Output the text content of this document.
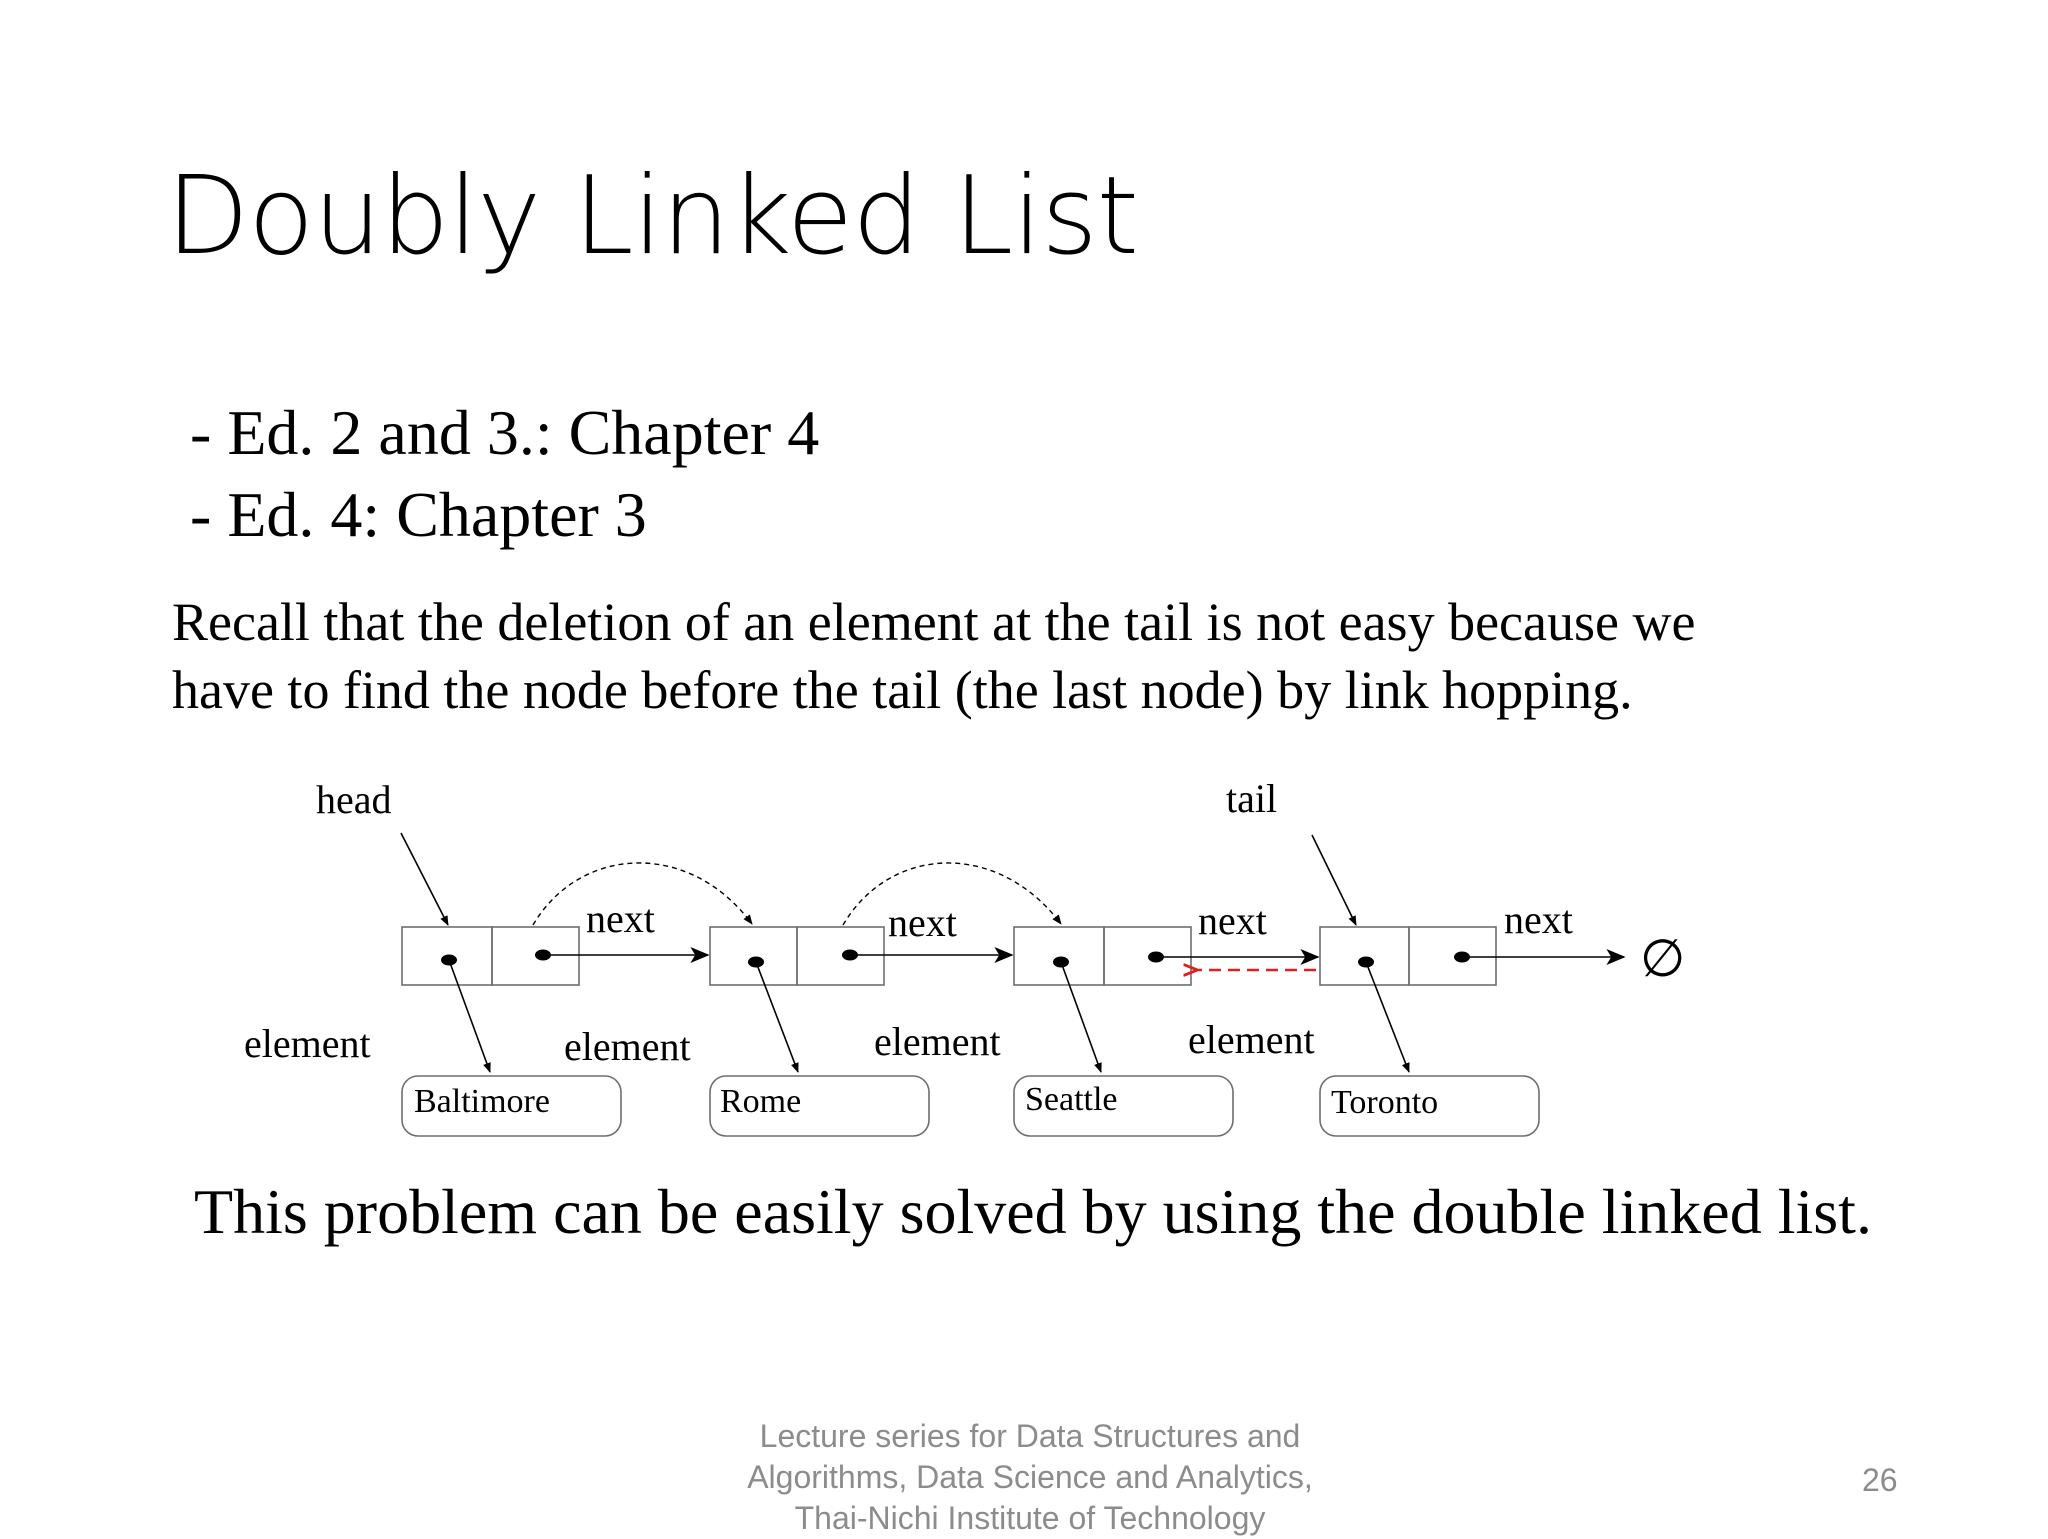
Doubly Linked List
- Ed. 2 and 3.: Chapter 4
- Ed. 4: Chapter 3
Recall that the deletion of an element at the tail is not easy because we
have to find the node before the tail (the last node) by link hopping.
head	tail
next	next	next	next
∅
element	element	element	element
Baltimore	Rome	Seattle	Toronto
This problem can be easily solved by using the double linked list.
Lecture series for Data Structures and
Algorithms, Data Science and Analytics,
Thai-Nichi Institute of Technology
26
